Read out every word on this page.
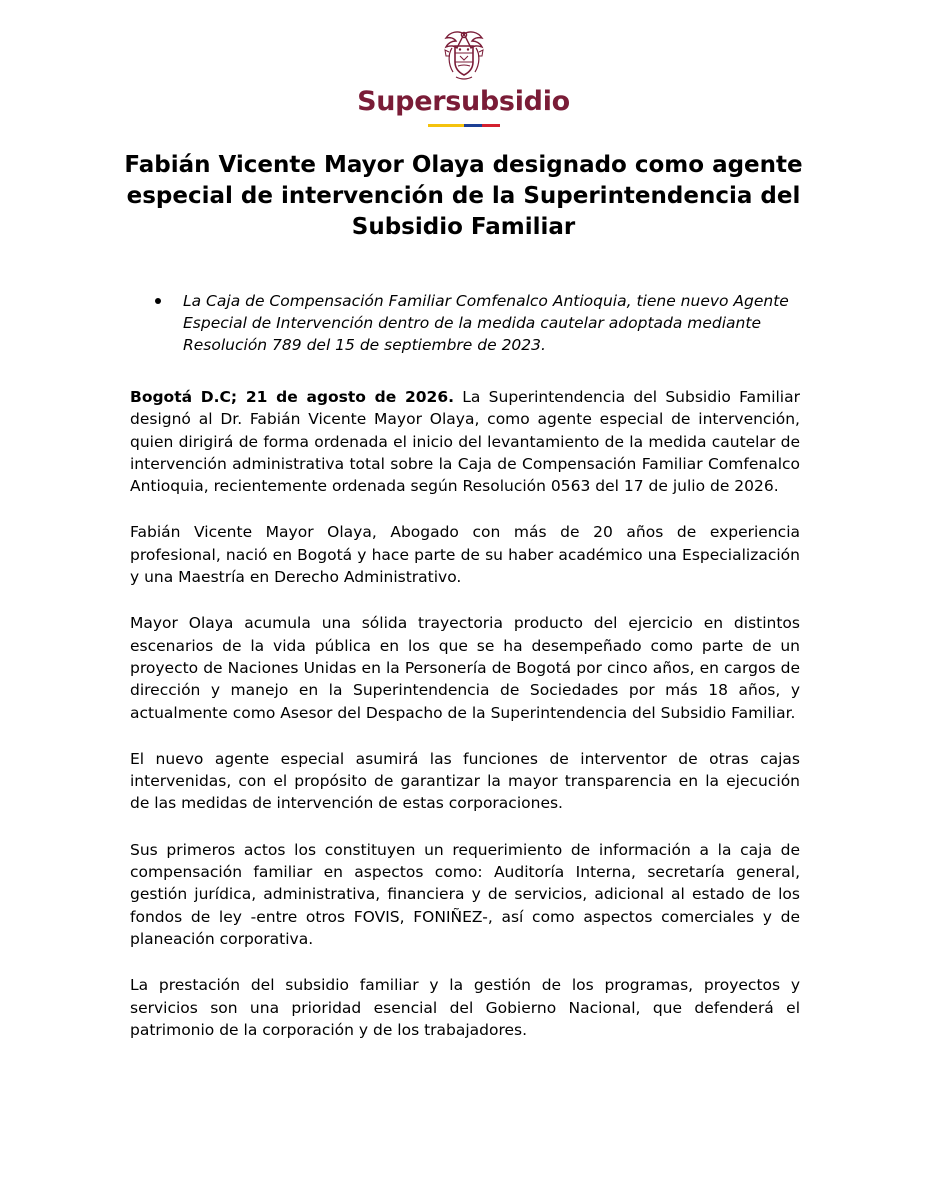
Supersubsidio
Fabián Vicente Mayor Olaya designado como agente especial de intervención de la Superintendencia del Subsidio Familiar
La Caja de Compensación Familiar Comfenalco Antioquia, tiene nuevo Agente Especial de Intervención dentro de la medida cautelar adoptada mediante Resolución 789 del 15 de septiembre de 2023.

Bogotá D.C; 21 de agosto de 2026. La Superintendencia del Subsidio Familiar designó al Dr. Fabián Vicente Mayor Olaya, como agente especial de intervención, quien dirigirá de forma ordenada el inicio del levantamiento de la medida cautelar de intervención administrativa total sobre la Caja de Compensación Familiar Comfenalco Antioquia, recientemente ordenada según Resolución 0563 del 17 de julio de 2026.

Fabián Vicente Mayor Olaya, Abogado con más de 20 años de experiencia profesional, nació en Bogotá y hace parte de su haber académico una Especialización y una Maestría en Derecho Administrativo.

Mayor Olaya acumula una sólida trayectoria producto del ejercicio en distintos escenarios de la vida pública en los que se ha desempeñado como parte de un proyecto de Naciones Unidas en la Personería de Bogotá por cinco años, en cargos de dirección y manejo en la Superintendencia de Sociedades por más 18 años, y actualmente como Asesor del Despacho de la Superintendencia del Subsidio Familiar.

El nuevo agente especial asumirá las funciones de interventor de otras cajas intervenidas, con el propósito de garantizar la mayor transparencia en la ejecución de las medidas de intervención de estas corporaciones.

Sus primeros actos los constituyen un requerimiento de información a la caja de compensación familiar en aspectos como: Auditoría Interna, secretaría general, gestión jurídica, administrativa, financiera y de servicios, adicional al estado de los fondos de ley -entre otros FOVIS, FONIÑEZ-, así como aspectos comerciales y de planeación corporativa.

La prestación del subsidio familiar y la gestión de los programas, proyectos y servicios son una prioridad esencial del Gobierno Nacional, que defenderá el patrimonio de la corporación y de los trabajadores.
